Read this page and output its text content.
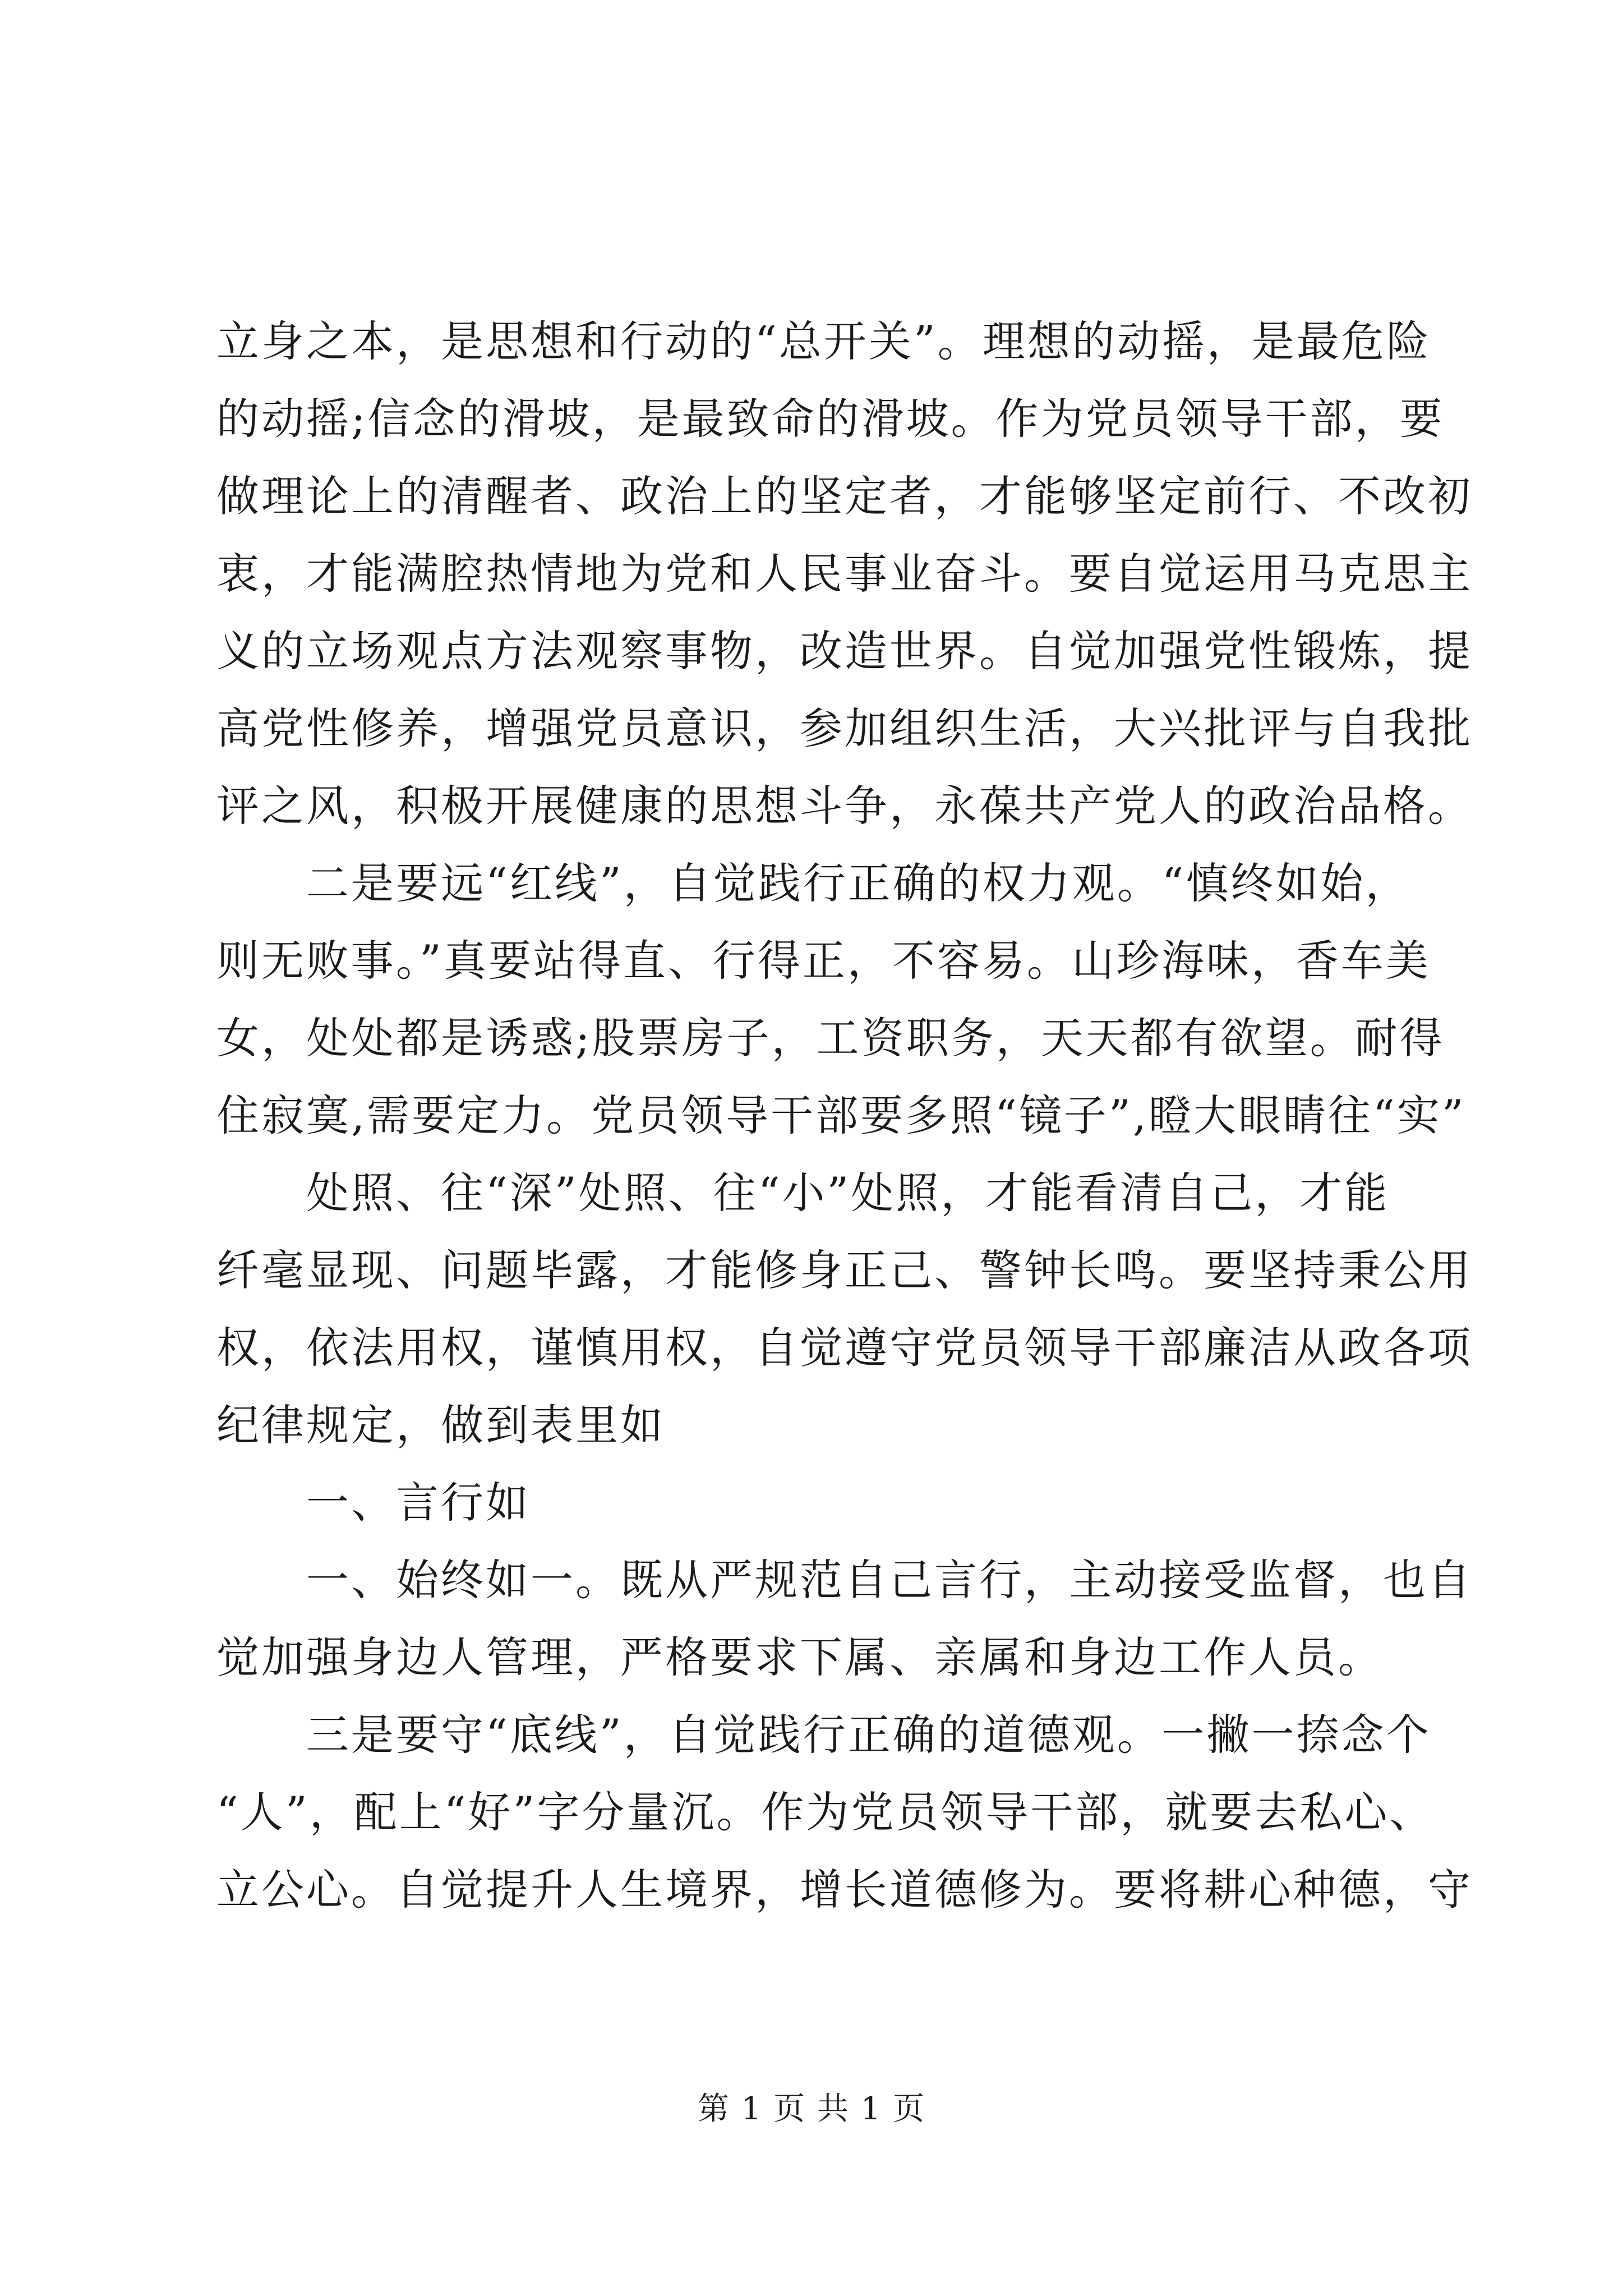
立身之本，是思想和行动的“总开关”。理想的动摇，是最危险
的动摇;信念的滑坡，是最致命的滑坡。作为党员领导干部，要
做理论上的清醒者、政治上的坚定者，才能够坚定前行、不改初
衷，才能满腔热情地为党和人民事业奋斗。要自觉运用马克思主
义的立场观点方法观察事物，改造世界。自觉加强党性锻炼，提
高党性修养，增强党员意识，参加组织生活，大兴批评与自我批
评之风，积极开展健康的思想斗争，永葆共产党人的政治品格。
　　二是要远“红线”，自觉践行正确的权力观。“慎终如始，
则无败事。”真要站得直、行得正，不容易。山珍海味，香车美
女，处处都是诱惑;股票房子，工资职务，天天都有欲望。耐得
住寂寞,需要定力。党员领导干部要多照“镜子”,瞪大眼睛往“实”
　　处照、往“深”处照、往“小”处照，才能看清自己，才能
纤毫显现、问题毕露，才能修身正己、警钟长鸣。要坚持秉公用
权，依法用权，谨慎用权，自觉遵守党员领导干部廉洁从政各项
纪律规定，做到表里如
　　一、言行如
　　一、始终如一。既从严规范自己言行，主动接受监督，也自
觉加强身边人管理，严格要求下属、亲属和身边工作人员。
　　三是要守“底线”，自觉践行正确的道德观。一撇一捺念个
“人”，配上“好”字分量沉。作为党员领导干部，就要去私心、
立公心。自觉提升人生境界，增长道德修为。要将耕心种德，守
第 1 页 共 1 页
